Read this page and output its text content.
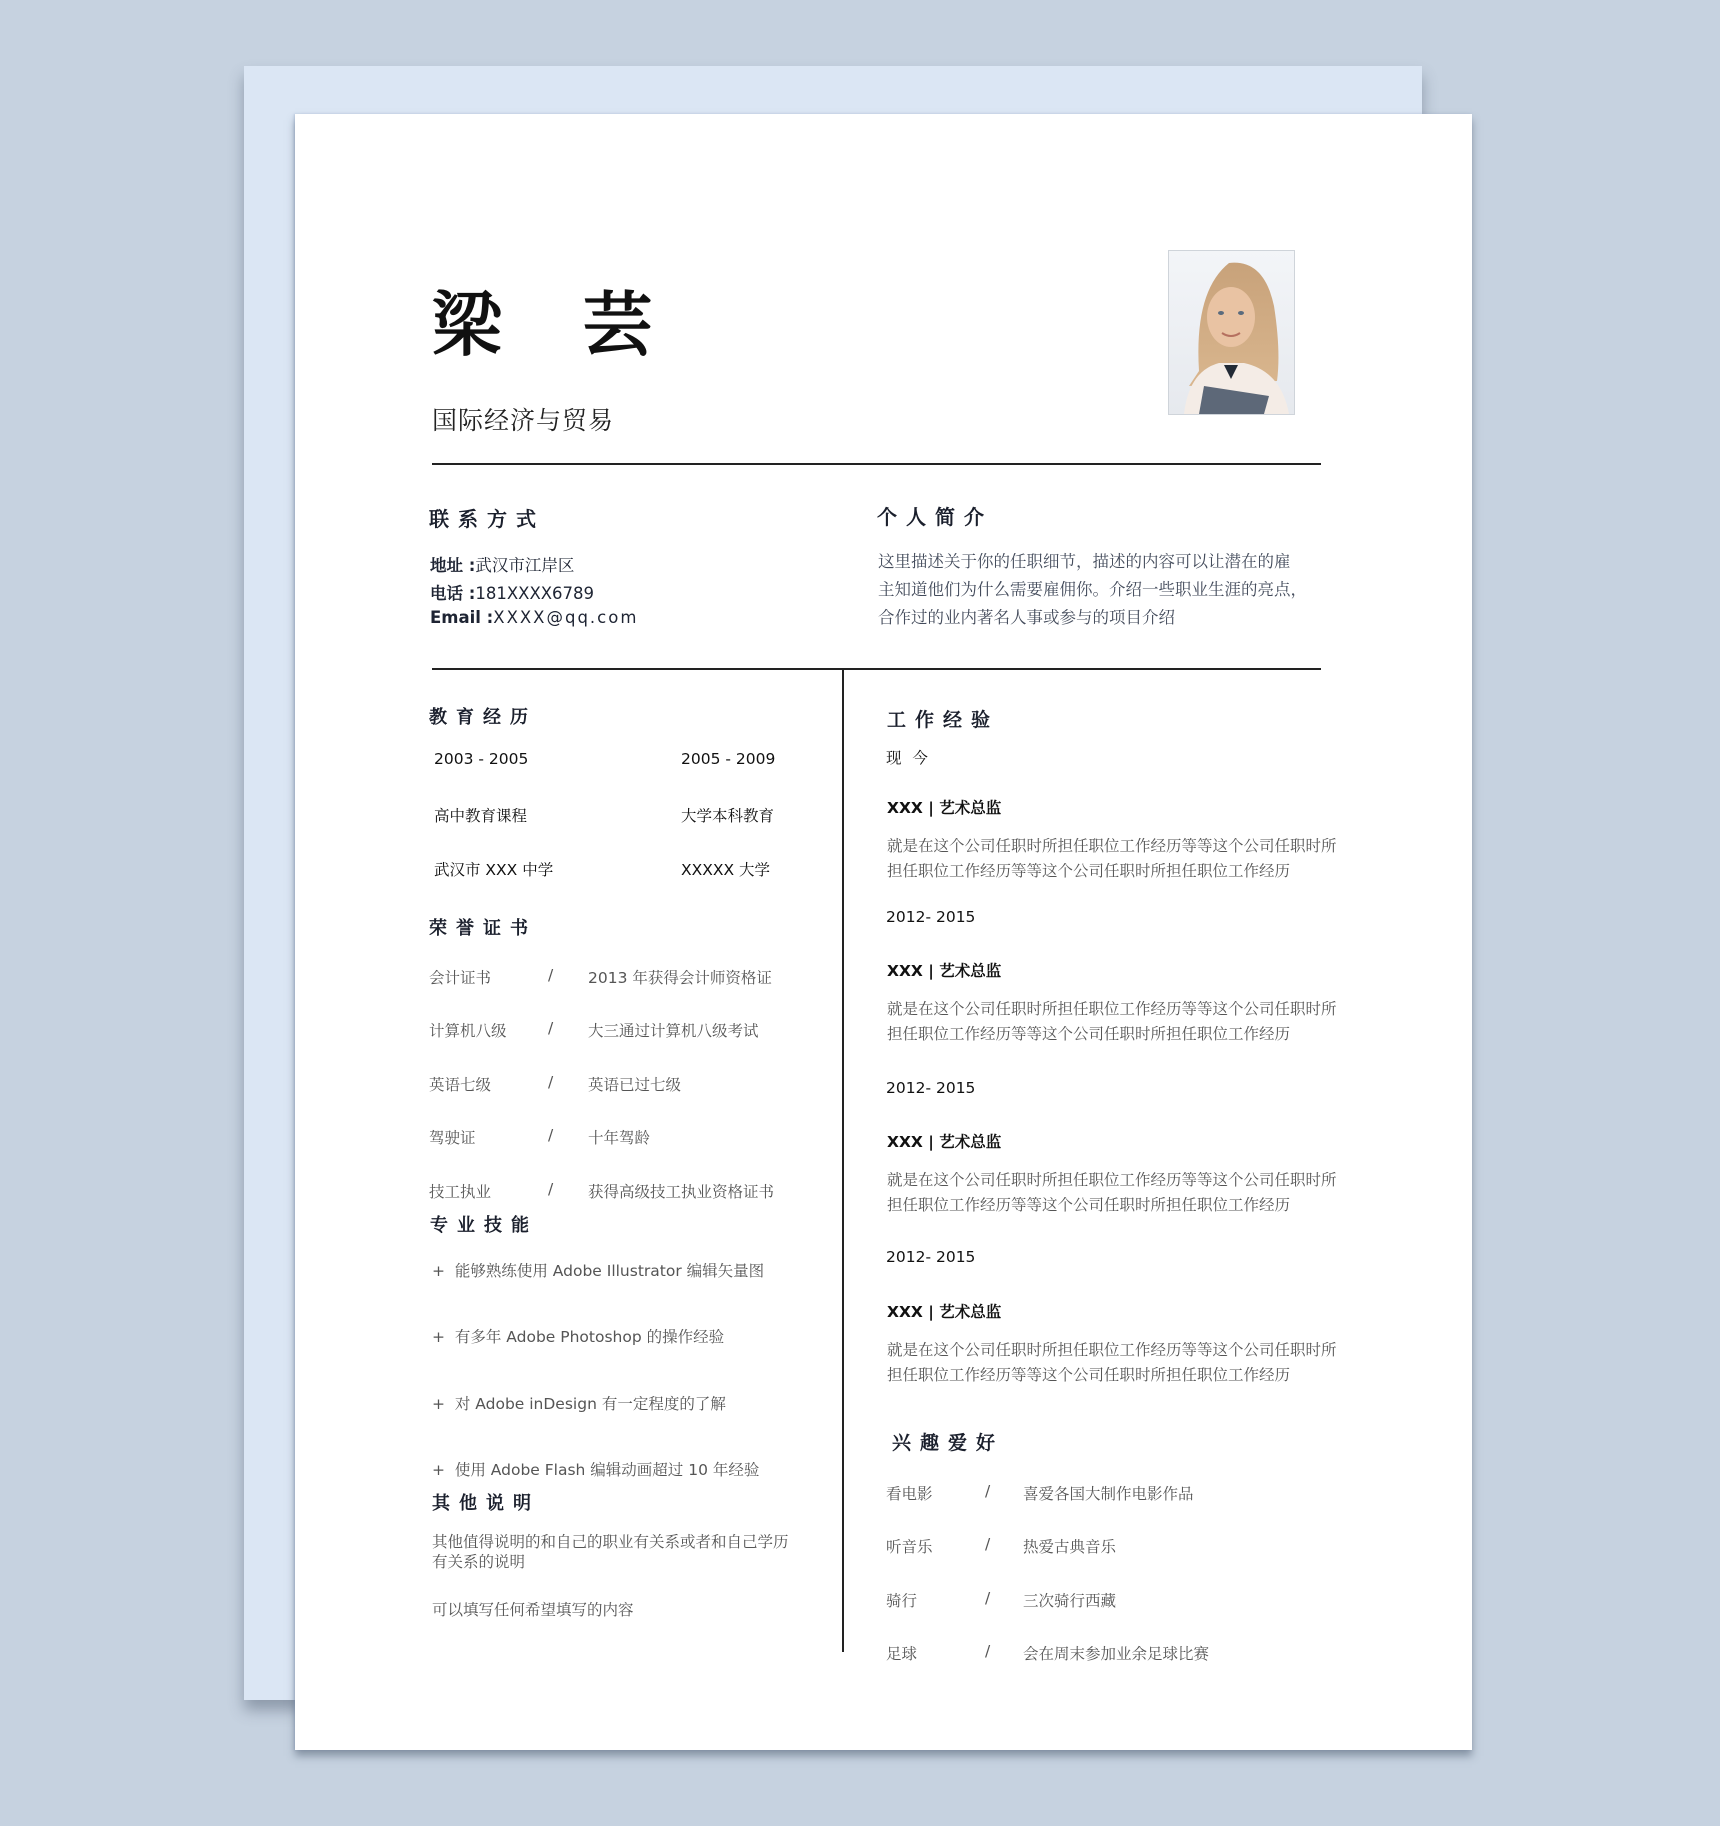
梁 芸
国际经济与贸易
联系方式
地址 :武汉市江岸区
电话 :181XXXX6789
Email :XXXX@qq.com
个人简介
这里描述关于你的任职细节，描述的内容可以让潜在的雇
主知道他们为什么需要雇佣你。介绍一些职业生涯的亮点，
合作过的业内著名人事或参与的项目介绍
教育经历
2003 - 2005	2005 - 2009
高中教育课程	大学本科教育
武汉市 XXX 中学	XXXXX 大学
荣誉证书
会计证书	/ 2013 年获得会计师资格证
计算机八级	/ 大三通过计算机八级考试
英语七级	/ 英语已过七级
驾驶证	/ 十年驾龄
技工执业	/ 获得高级技工执业资格证书
专业技能
+ 能够熟练使用 Adobe Illustrator 编辑矢量图
+ 有多年 Adobe Photoshop 的操作经验
+ 对 Adobe inDesign 有一定程度的了解
+ 使用 Adobe Flash 编辑动画超过 10 年经验
其他说明
其他值得说明的和自己的职业有关系或者和自己学历
有关系的说明
可以填写任何希望填写的内容
工作经验
现 今
XXX | 艺术总监
就是在这个公司任职时所担任职位工作经历等等这个公司任职时所
担任职位工作经历等等这个公司任职时所担任职位工作经历
2012- 2015
XXX | 艺术总监
就是在这个公司任职时所担任职位工作经历等等这个公司任职时所
担任职位工作经历等等这个公司任职时所担任职位工作经历
2012- 2015
XXX | 艺术总监
就是在这个公司任职时所担任职位工作经历等等这个公司任职时所
担任职位工作经历等等这个公司任职时所担任职位工作经历
2012- 2015
XXX | 艺术总监
就是在这个公司任职时所担任职位工作经历等等这个公司任职时所
担任职位工作经历等等这个公司任职时所担任职位工作经历
兴趣爱好
看电影	/ 喜爱各国大制作电影作品
听音乐	/ 热爱古典音乐
骑行	/ 三次骑行西藏
足球	/ 会在周末参加业余足球比赛
